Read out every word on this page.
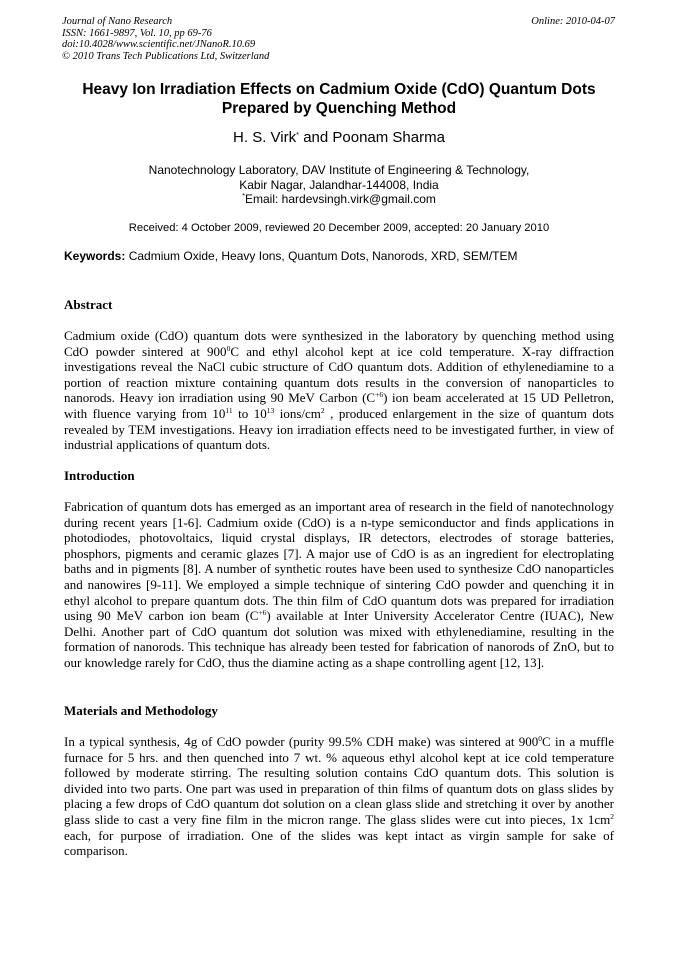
Journal of Nano Research
ISSN: 1661-9897, Vol. 10, pp 69-76
doi:10.4028/www.scientific.net/JNanoR.10.69
© 2010 Trans Tech Publications Ltd, Switzerland
Online: 2010-04-07
Heavy Ion Irradiation Effects on Cadmium Oxide (CdO) Quantum Dots
Prepared by Quenching Method
H. S. Virk* and Poonam Sharma
Nanotechnology Laboratory, DAV Institute of Engineering & Technology,
Kabir Nagar, Jalandhar-144008, India
*Email: hardevsingh.virk@gmail.com
Received: 4 October 2009, reviewed 20 December 2009, accepted: 20 January 2010
Keywords: Cadmium Oxide, Heavy Ions, Quantum Dots, Nanorods, XRD, SEM/TEM
Abstract

Cadmium oxide (CdO) quantum dots were synthesized in the laboratory by quenching method using CdO powder sintered at $900^0C$ and ethyl alcohol kept at ice cold temperature. X-ray diffraction investigations reveal the NaCl cubic structure of CdO quantum dots. Addition of ethylenediamine to a portion of reaction mixture containing quantum dots results in the conversion of nanoparticles to nanorods. Heavy ion irradiation using 90 MeV Carbon $(C^{+6})$ ion beam accelerated at 15 UD Pelletron, with fluence varying from $10^{11}$ to $10^{13}$ ions/$cm^2$ , produced enlargement in the size of quantum dots revealed by TEM investigations. Heavy ion irradiation effects need to be investigated further, in view of industrial applications of quantum dots.

Introduction

Fabrication of quantum dots has emerged as an important area of research in the field of nanotechnology during recent years [1-6]. Cadmium oxide (CdO) is a n-type semiconductor and finds applications in photodiodes, photovoltaics, liquid crystal displays, IR detectors, electrodes of storage batteries, phosphors, pigments and ceramic glazes [7]. A major use of CdO is as an ingredient for electroplating baths and in pigments [8]. A number of synthetic routes have been used to synthesize CdO nanoparticles and nanowires [9-11]. We employed a simple technique of sintering CdO powder and quenching it in ethyl alcohol to prepare quantum dots. The thin film of CdO quantum dots was prepared for irradiation using 90 MeV carbon ion beam $(C^{+6})$ available at Inter University Accelerator Centre (IUAC), New Delhi. Another part of CdO quantum dot solution was mixed with ethylenediamine, resulting in the formation of nanorods. This technique has already been tested for fabrication of nanorods of ZnO, but to our knowledge rarely for CdO, thus the diamine acting as a shape controlling agent [12, 13].

Materials and Methodology

In a typical synthesis, 4g of CdO powder (purity 99.5% CDH make) was sintered at $900^0C$ in a muffle furnace for 5 hrs. and then quenched into 7 wt. % aqueous ethyl alcohol kept at ice cold temperature followed by moderate stirring. The resulting solution contains CdO quantum dots. This solution is divided into two parts. One part was used in preparation of thin films of quantum dots on glass slides by placing a few drops of CdO quantum dot solution on a clean glass slide and stretching it over by another glass slide to cast a very fine film in the micron range. The glass slides were cut into pieces, 1x $1cm^2$ each, for purpose of irradiation. One of the slides was kept intact as virgin sample for sake of comparison.
